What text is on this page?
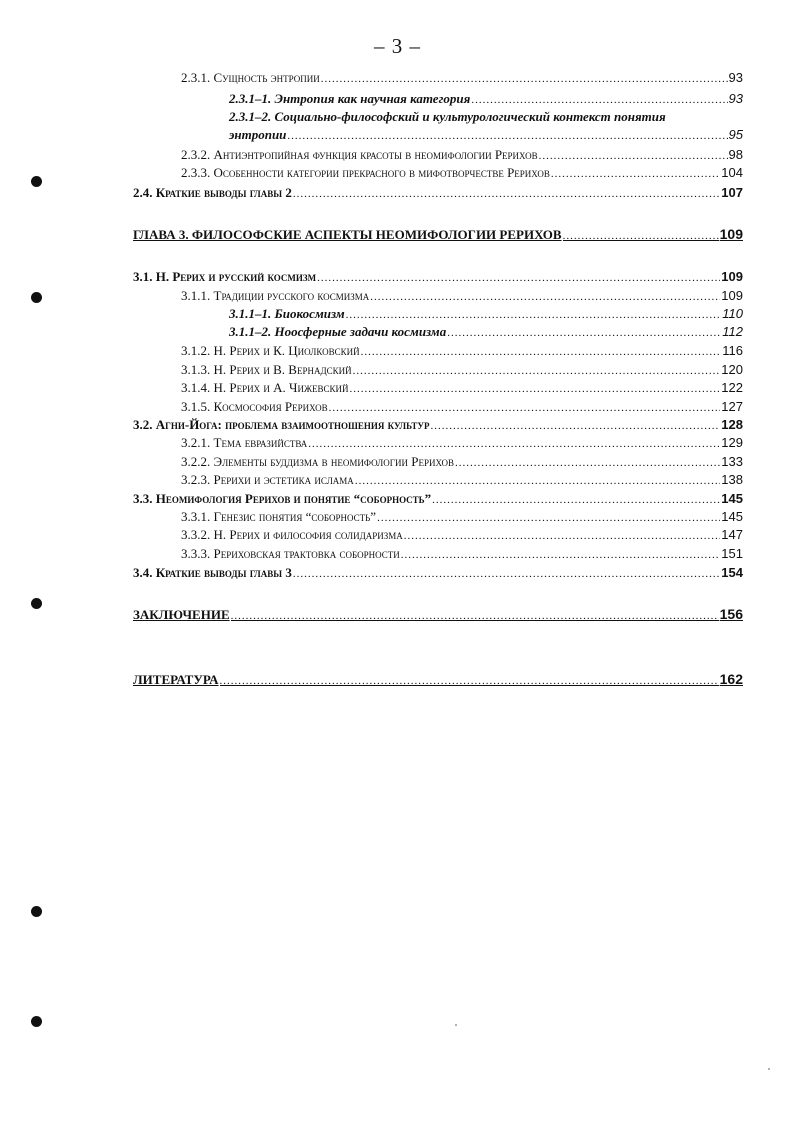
– 3 –
2.3.1. Сущность энтропии .....	93
2.3.1–1. Энтропия как научная категория .....	93
2.3.1–2. Социально-философский и культурологический контекст понятия
энтропии .....	95
2.3.2. Антиэнтропийная функция красоты в неомифологии Рерихов .....	98
2.3.3. Особенности категории прекрасного в мифотворчестве Рерихов .....	104
2.4. Краткие выводы главы 2 .....	107
ГЛАВА 3. ФИЛОСОФСКИЕ АСПЕКТЫ НЕОМИФОЛОГИИ РЕРИХОВ .....	109
3.1. Н. Рерих и русский космизм .....	109
3.1.1. Традиции русского космизма .....	109
3.1.1–1. Биокосмизм .....	110
3.1.1–2. Ноосферные задачи космизма .....	112
3.1.2. Н. Рерих и К. Циолковский .....	116
3.1.3. Н. Рерих и В. Вернадский .....	120
3.1.4. Н. Рерих и А. Чижевский .....	122
3.1.5. Космософия Рерихов .....	127
3.2. Агни-Йога: проблема взаимоотношения культур .....	128
3.2.1. Тема евразийства .....	129
3.2.2. Элементы буддизма в неомифологии Рерихов .....	133
3.2.3. Рерихи и эстетика ислама .....	138
3.3. Неомифология Рерихов и понятие “соборность” .....	145
3.3.1. Генезис понятия “соборность” .....	145
3.3.2. Н. Рерих и философия солидаризма .....	147
3.3.3. Рериховская трактовка соборности .....	151
3.4. Краткие выводы главы 3 .....	154
ЗАКЛЮЧЕНИЕ .....	156
ЛИТЕРАТУРА .....	162
